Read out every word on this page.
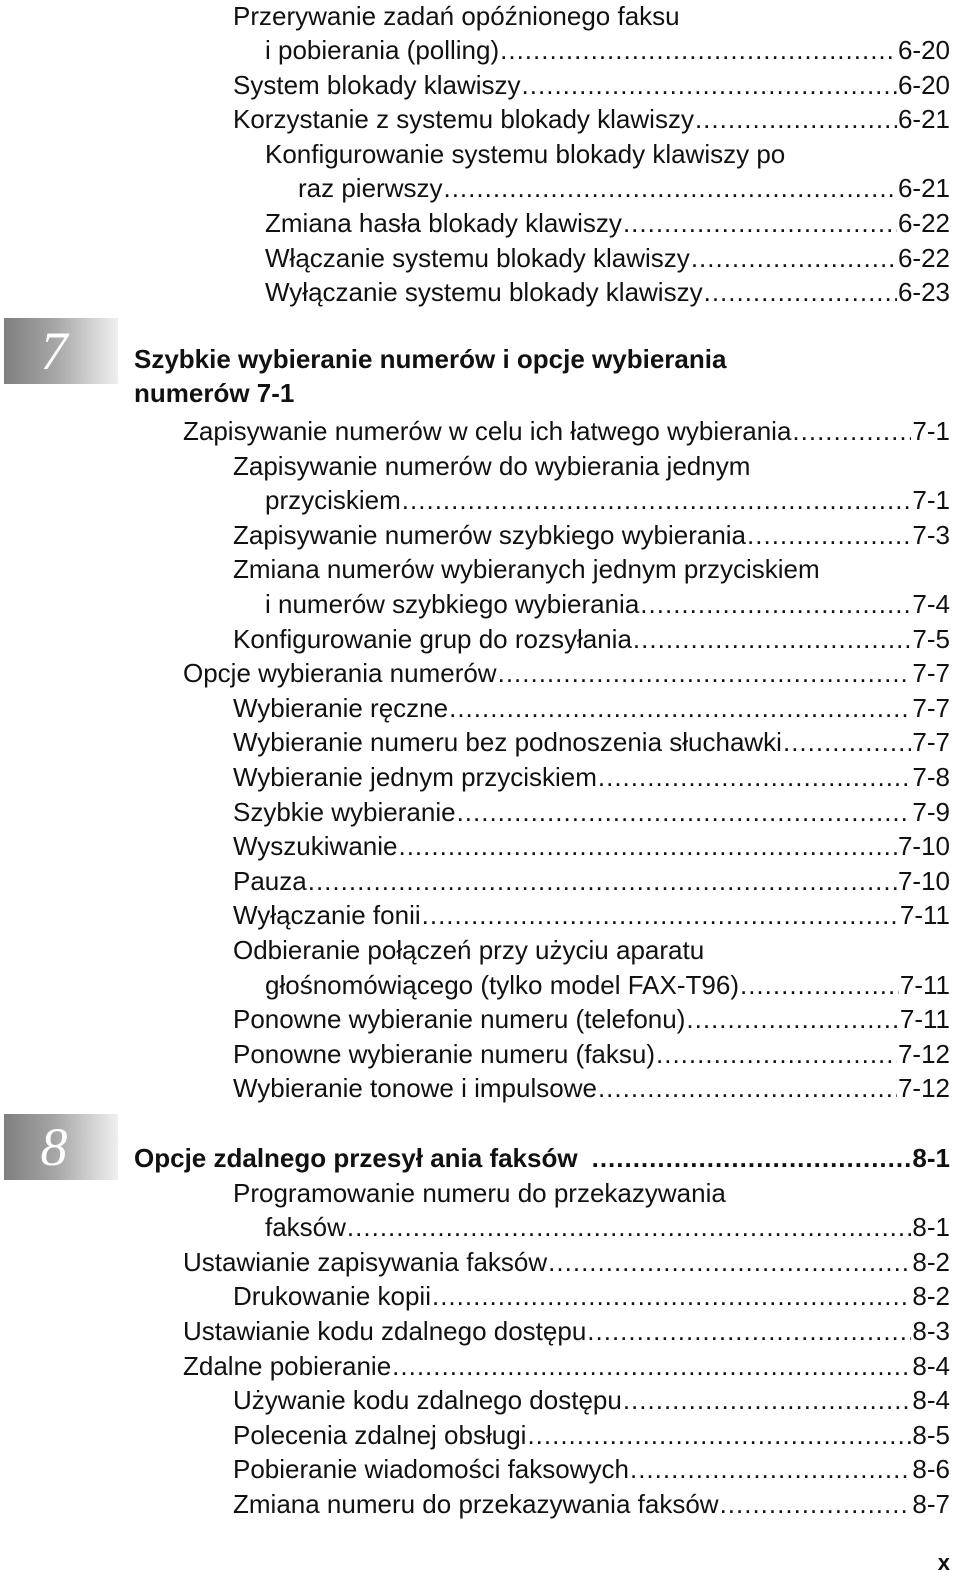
Przerywanie zadań opóźnionego faksu
i pobierania (polling) .....	6-20
System blokady klawiszy .....	6-20
Korzystanie z systemu blokady klawiszy .....	6-21
Konfigurowanie systemu blokady klawiszy po
raz pierwszy .....	6-21
Zmiana hasła blokady klawiszy .....	6-22
Włączanie systemu blokady klawiszy .....	6-22
Wyłączanie systemu blokady klawiszy .....	6-23
7	Szybkie wybieranie numerów i opcje wybierania
numerów 7-1
Zapisywanie numerów w celu ich łatwego wybierania .....	7-1
Zapisywanie numerów do wybierania jednym
przyciskiem .....	7-1
Zapisywanie numerów szybkiego wybierania .....	7-3
Zmiana numerów wybieranych jednym przyciskiem
i numerów szybkiego wybierania .....	7-4
Konfigurowanie grup do rozsyłania .....	7-5
Opcje wybierania numerów .....	7-7
Wybieranie ręczne .....	7-7
Wybieranie numeru bez podnoszenia słuchawki .....	7-7
Wybieranie jednym przyciskiem .....	7-8
Szybkie wybieranie .....	7-9
Wyszukiwanie .....	7-10
Pauza .....	7-10
Wyłączanie fonii .....	7-11
Odbieranie połączeń przy użyciu aparatu
głośnomówiącego (tylko model FAX-T96) .....	7-11
Ponowne wybieranie numeru (telefonu) .....	7-11
Ponowne wybieranie numeru (faksu) .....	7-12
Wybieranie tonowe i impulsowe .....	7-12
8	Opcje zdalnego przesył ania faksów .....	8-1
Programowanie numeru do przekazywania
faksów .....	8-1
Ustawianie zapisywania faksów .....	8-2
Drukowanie kopii .....	8-2
Ustawianie kodu zdalnego dostępu .....	8-3
Zdalne pobieranie .....	8-4
Używanie kodu zdalnego dostępu .....	8-4
Polecenia zdalnej obsługi .....	8-5
Pobieranie wiadomości faksowych .....	8-6
Zmiana numeru do przekazywania faksów .....	8-7
x
